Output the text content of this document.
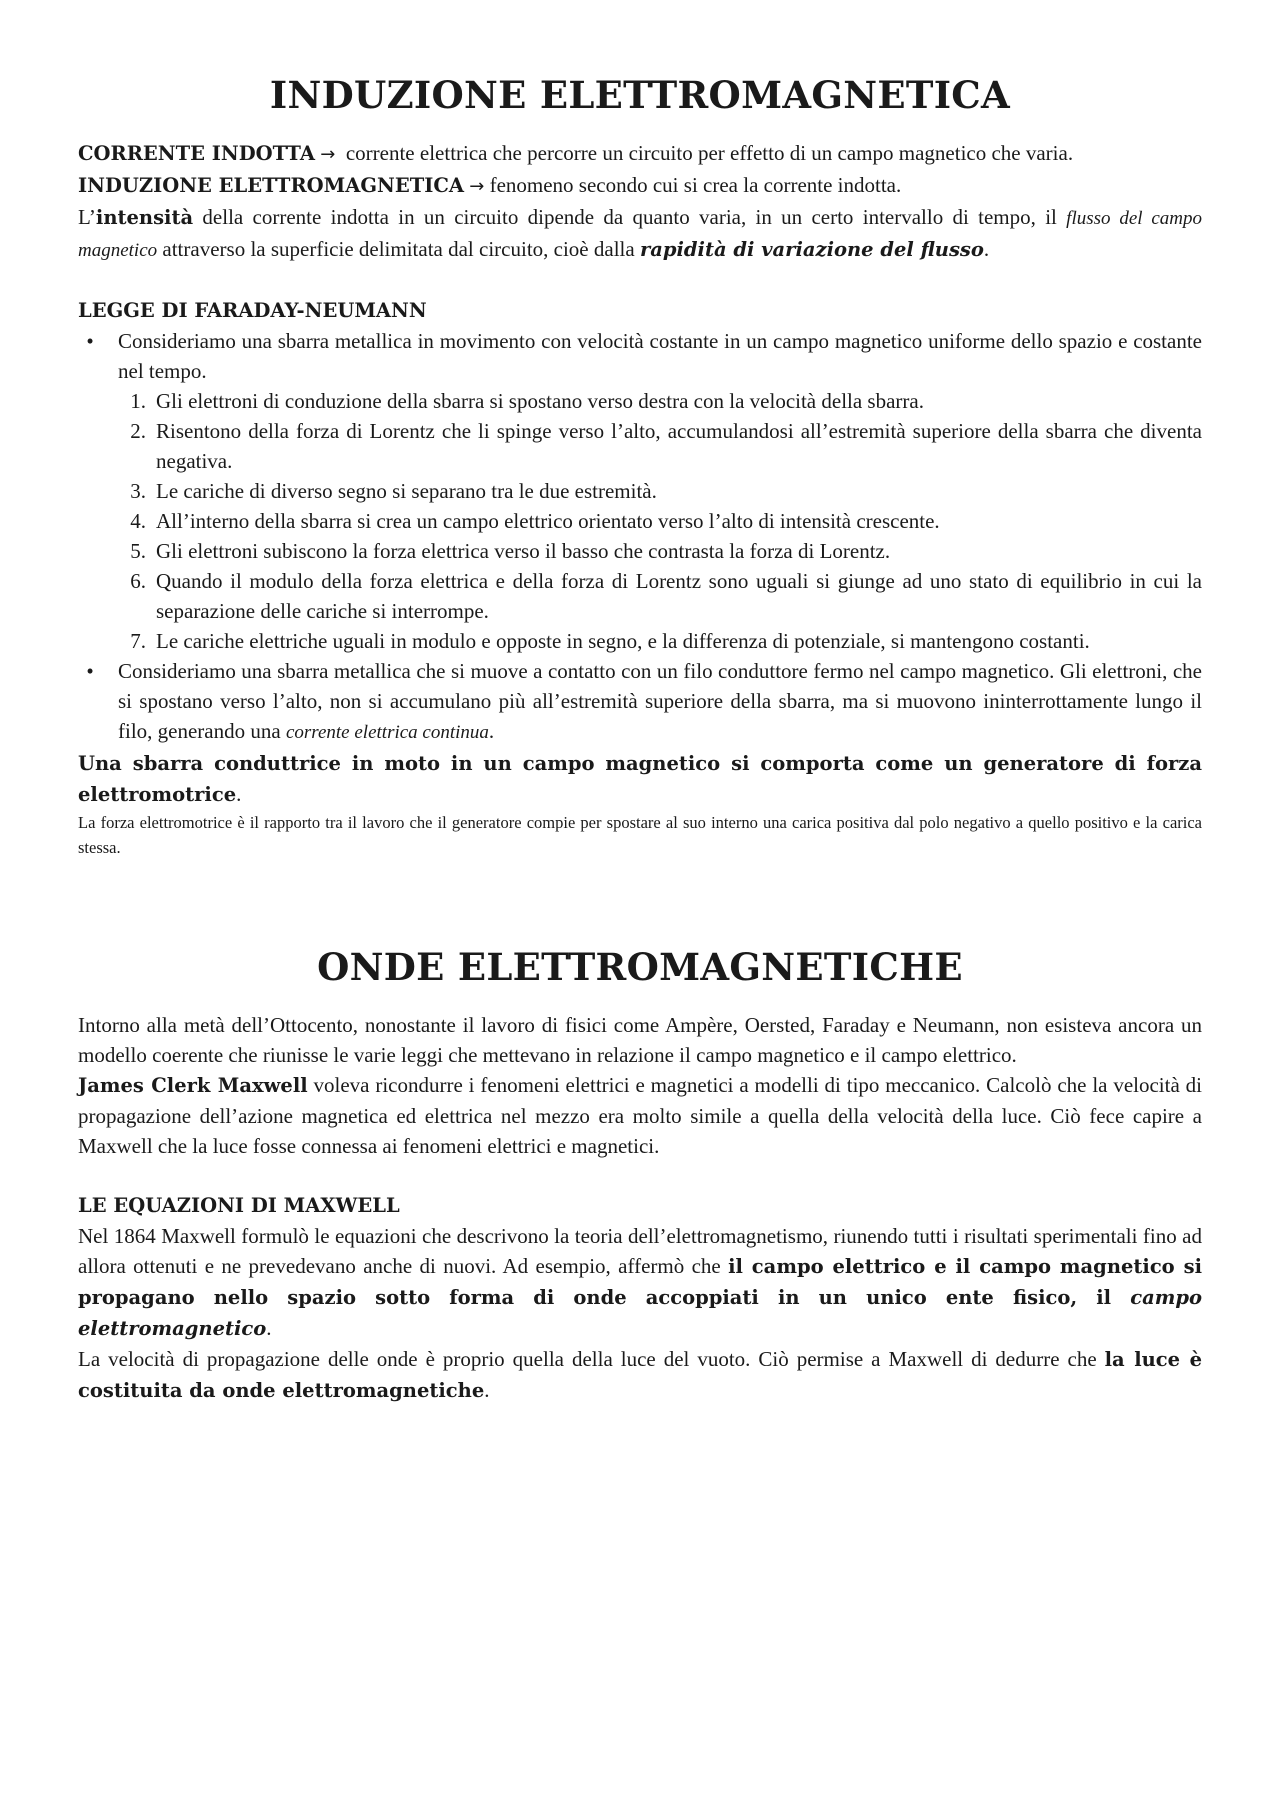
INDUZIONE ELETTROMAGNETICA

CORRENTE INDOTTA → corrente elettrica che percorre un circuito per effetto di un campo magnetico che varia.

INDUZIONE ELETTROMAGNETICA → fenomeno secondo cui si crea la corrente indotta.

L’intensità della corrente indotta in un circuito dipende da quanto varia, in un certo intervallo di tempo, il flusso del campo magnetico attraverso la superficie delimitata dal circuito, cioè dalla rapidità di variazione del flusso.

LEGGE DI FARADAY-NEUMANN

•	Consideriamo una sbarra metallica in movimento con velocità costante in un campo magnetico uniforme dello spazio e costante nel tempo.
1. Gli elettroni di conduzione della sbarra si spostano verso destra con la velocità della sbarra.
2. Risentono della forza di Lorentz che li spinge verso l’alto, accumulandosi all’estremità superiore della sbarra che diventa negativa.
3. Le cariche di diverso segno si separano tra le due estremità.
4. All’interno della sbarra si crea un campo elettrico orientato verso l’alto di intensità crescente.
5. Gli elettroni subiscono la forza elettrica verso il basso che contrasta la forza di Lorentz.
6. Quando il modulo della forza elettrica e della forza di Lorentz sono uguali si giunge ad uno stato di equilibrio in cui la separazione delle cariche si interrompe.
7. Le cariche elettriche uguali in modulo e opposte in segno, e la differenza di potenziale, si mantengono costanti.
•	Consideriamo una sbarra metallica che si muove a contatto con un filo conduttore fermo nel campo magnetico. Gli elettroni, che si spostano verso l’alto, non si accumulano più all’estremità superiore della sbarra, ma si muovono ininterrottamente lungo il filo, generando una corrente elettrica continua.

Una sbarra conduttrice in moto in un campo magnetico si comporta come un generatore di forza elettromotrice.

La forza elettromotrice è il rapporto tra il lavoro che il generatore compie per spostare al suo interno una carica positiva dal polo negativo a quello positivo e la carica stessa.

ONDE ELETTROMAGNETICHE

Intorno alla metà dell’Ottocento, nonostante il lavoro di fisici come Ampère, Oersted, Faraday e Neumann, non esisteva ancora un modello coerente che riunisse le varie leggi che mettevano in relazione il campo magnetico e il campo elettrico.

James Clerk Maxwell voleva ricondurre i fenomeni elettrici e magnetici a modelli di tipo meccanico. Calcolò che la velocità di propagazione dell’azione magnetica ed elettrica nel mezzo era molto simile a quella della velocità della luce. Ciò fece capire a Maxwell che la luce fosse connessa ai fenomeni elettrici e magnetici.

LE EQUAZIONI DI MAXWELL

Nel 1864 Maxwell formulò le equazioni che descrivono la teoria dell’elettromagnetismo, riunendo tutti i risultati sperimentali fino ad allora ottenuti e ne prevedevano anche di nuovi. Ad esempio, affermò che il campo elettrico e il campo magnetico si propagano nello spazio sotto forma di onde accoppiati in un unico ente fisico, il campo elettromagnetico.

La velocità di propagazione delle onde è proprio quella della luce del vuoto. Ciò permise a Maxwell di dedurre che la luce è costituita da onde elettromagnetiche.
